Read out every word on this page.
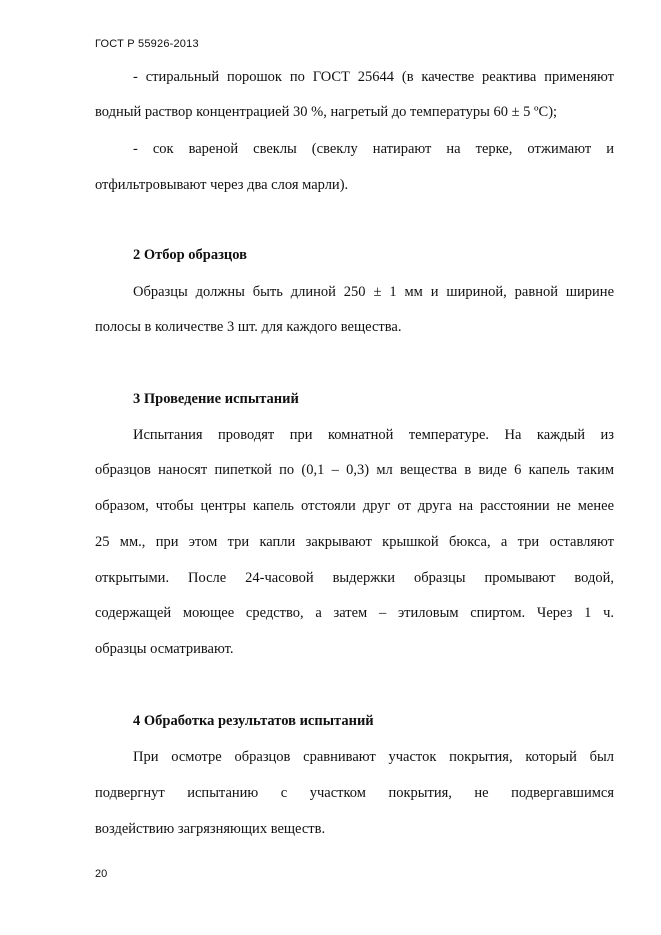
ГОСТ Р 55926-2013
- стиральный порошок по ГОСТ 25644 (в качестве реактива применяют
водный раствор концентрацией 30 %, нагретый до температуры 60 ± 5 ºС);
- сок вареной свеклы (свеклу натирают на терке, отжимают и
отфильтровывают через два слоя марли).
2 Отбор образцов
Образцы должны быть длиной 250 ± 1 мм и шириной, равной ширине
полосы в количестве 3 шт. для каждого вещества.
3 Проведение испытаний
Испытания проводят при комнатной температуре. На каждый из
образцов наносят пипеткой по (0,1 – 0,3) мл вещества в виде 6 капель таким
образом, чтобы центры капель отстояли друг от друга на расстоянии не менее
25 мм., при этом три капли закрывают крышкой бюкса, а три оставляют
открытыми. После 24-часовой выдержки образцы промывают водой,
содержащей моющее средство, а затем – этиловым спиртом. Через 1 ч.
образцы осматривают.
4 Обработка результатов испытаний
При осмотре образцов сравнивают участок покрытия, который был
подвергнут испытанию с участком покрытия, не подвергавшимся
воздействию загрязняющих веществ.
20
